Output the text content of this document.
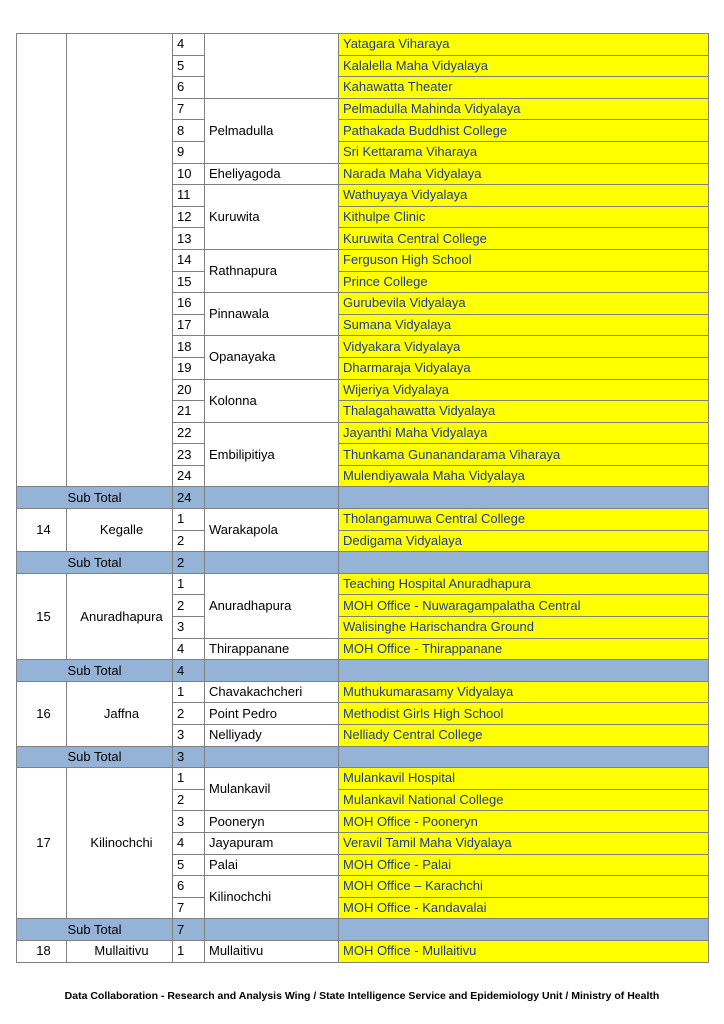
		4		Yatagara Viharaya
		5		Kalalella Maha Vidyalaya
		6		Kahawatta Theater
		7	Pelmadulla	Pelmadulla Mahinda Vidyalaya
		8		Pathakada Buddhist College
		9		Sri Kettarama Viharaya
		10	Eheliyagoda	Narada Maha Vidyalaya
		11	Kuruwita	Wathuyaya Vidyalaya
		12		Kithulpe Clinic
		13		Kuruwita Central College
		14	Rathnapura	Ferguson High School
		15		Prince College
		16	Pinnawala	Gurubevila Vidyalaya
		17		Sumana Vidyalaya
		18	Opanayaka	Vidyakara Vidyalaya
		19		Dharmaraja Vidyalaya
		20	Kolonna	Wijeriya Vidyalaya
		21		Thalagahawatta Vidyalaya
		22	Embilipitiya	Jayanthi Maha Vidyalaya
		23		Thunkama Gunanandarama Viharaya
		24		Mulendiyawala Maha Vidyalaya
Sub Total		24		
14	Kegalle	1	Warakapola	Tholangamuwa Central College
		2		Dedigama Vidyalaya
Sub Total		2		
15	Anuradhapura	1	Anuradhapura	Teaching Hospital Anuradhapura
		2		MOH Office - Nuwaragampalatha Central
		3		Walisinghe Harischandra Ground
		4	Thirappanane	MOH Office - Thirappanane
Sub Total		4		
16	Jaffna	1	Chavakachcheri	Muthukumarasamy Vidyalaya
		2	Point Pedro	Methodist Girls High School
		3	Nelliyady	Nelliady Central College
Sub Total		3		
17	Kilinochchi	1	Mulankavil	Mulankavil Hospital
		2		Mulankavil National College
		3	Pooneryn	MOH Office - Pooneryn
		4	Jayapuram	Veravil Tamil Maha Vidyalaya
		5	Palai	MOH Office - Palai
		6	Kilinochchi	MOH Office – Karachchi
		7		MOH Office - Kandavalai
Sub Total		7		
18	Mullaitivu	1	Mullaitivu	MOH Office - Mullaitivu
Data Collaboration - Research and Analysis Wing / State Intelligence Service and Epidemiology Unit / Ministry of Health
